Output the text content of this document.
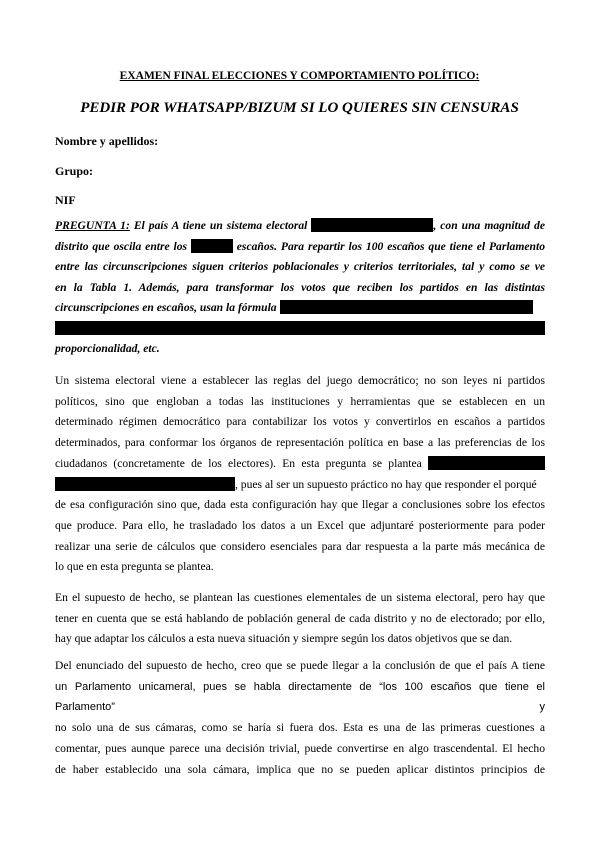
EXAMEN FINAL ELECCIONES Y COMPORTAMIENTO POLÍTICO:
PEDIR POR WHATSAPP/BIZUM SI LO QUIERES SIN CENSURAS
Nombre y apellidos:
Grupo:
NIF
PREGUNTA 1: El país A tiene un sistema electoral	, con una magnitud de
distrito que oscila entre los	escaños. Para repartir los 100 escaños que tiene el Parlamento
entre las circunscripciones siguen criterios poblacionales y criterios territoriales, tal y como se ve
en la Tabla 1. Además, para transformar los votos que reciben los partidos en las distintas
circunscripciones en escaños, usan la fórmula
proporcionalidad, etc.
Un sistema electoral viene a establecer las reglas del juego democrático; no son leyes ni partidos
políticos, sino que engloban a todas las instituciones y herramientas que se establecen en un
determinado régimen democrático para contabilizar los votos y convertirlos en escaños a partidos
determinados, para conformar los órganos de representación política en base a las preferencias de los
ciudadanos (concretamente de los electores). En esta pregunta se plantea
, pues al ser un supuesto práctico no hay que responder el porqué
de esa configuración sino que, dada esta configuración hay que llegar a conclusiones sobre los efectos
que produce. Para ello, he trasladado los datos a un Excel que adjuntaré posteriormente para poder
realizar una serie de cálculos que considero esenciales para dar respuesta a la parte más mecánica de
lo que en esta pregunta se plantea.
En el supuesto de hecho, se plantean las cuestiones elementales de un sistema electoral, pero hay que
tener en cuenta que se está hablando de población general de cada distrito y no de electorado; por ello,
hay que adaptar los cálculos a esta nueva situación y siempre según los datos objetivos que se dan.
Del enunciado del supuesto de hecho, creo que se puede llegar a la conclusión de que el país A tiene
un Parlamento unicameral, pues se habla directamente de “los 100 escaños que tiene el Parlamento” y
no solo una de sus cámaras, como se haría si fuera dos. Esta es una de las primeras cuestiones a
comentar, pues aunque parece una decisión trivial, puede convertirse en algo trascendental. El hecho
de haber establecido una sola cámara, implica que no se pueden aplicar distintos principios de
